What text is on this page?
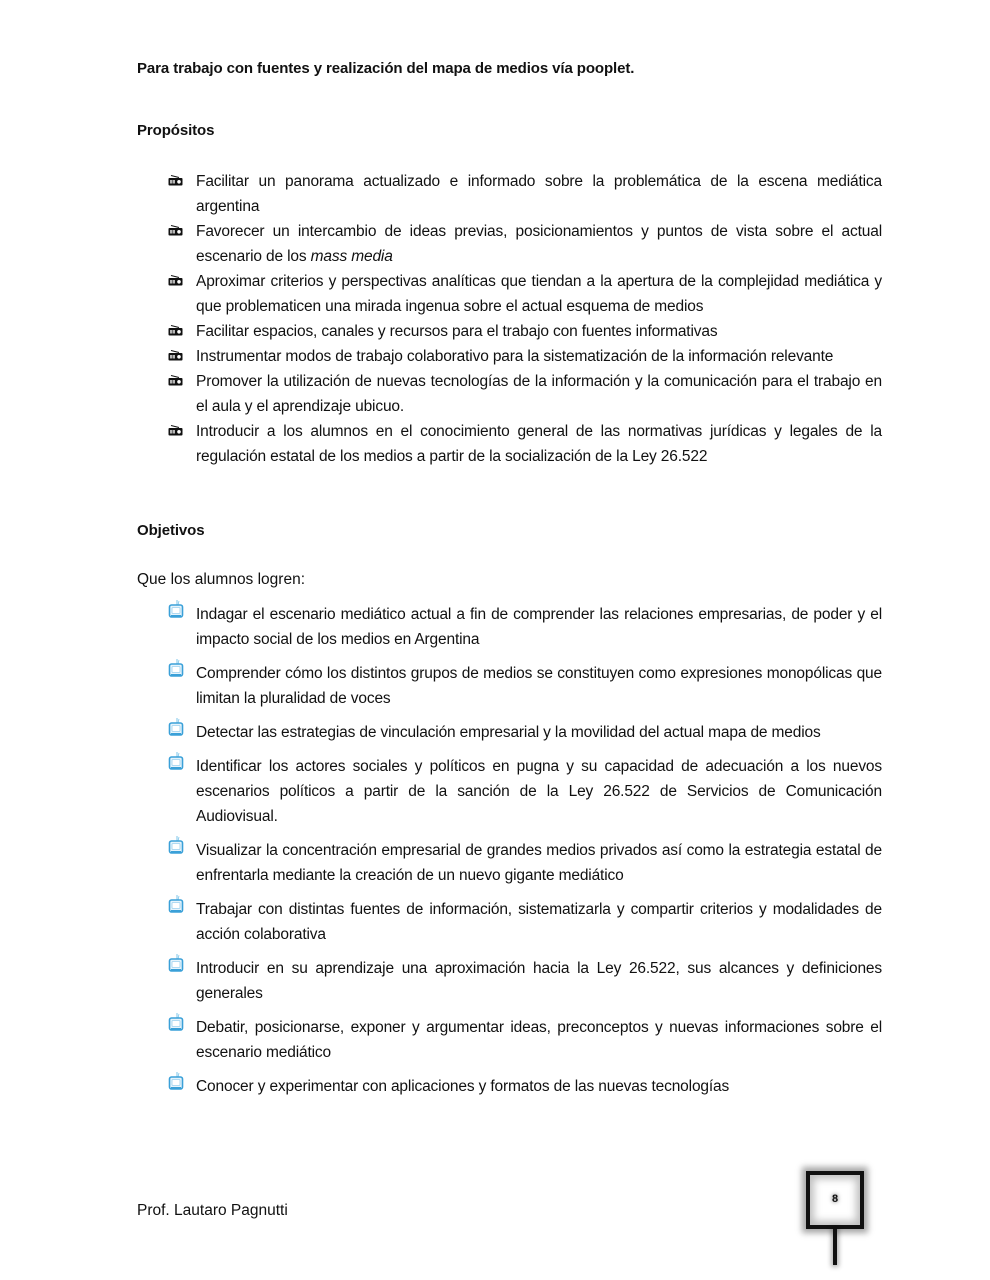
Para trabajo con fuentes y realización del mapa de medios vía pooplet.
Propósitos
Facilitar un panorama actualizado e informado sobre la problemática de la escena mediática argentina
Favorecer un intercambio de ideas previas, posicionamientos y puntos de vista sobre el actual escenario de los mass media
Aproximar criterios y perspectivas analíticas que tiendan a la apertura de la complejidad mediática y que problematicen una mirada ingenua sobre el actual esquema de medios
Facilitar espacios, canales y recursos para el trabajo con fuentes informativas
Instrumentar modos de trabajo colaborativo para la sistematización de la información relevante
Promover la utilización de nuevas tecnologías de la información y la comunicación para el trabajo en el aula y el aprendizaje ubicuo.
Introducir a los alumnos en el conocimiento general de las normativas jurídicas y legales de la regulación estatal de los medios a partir de la socialización de la Ley 26.522
Objetivos
Que los alumnos logren:
Indagar el escenario mediático actual a fin de comprender las relaciones empresarias, de poder y el impacto social de los medios en Argentina
Comprender cómo los distintos grupos de medios se constituyen como expresiones monopólicas que limitan la pluralidad de voces
Detectar las estrategias de vinculación empresarial y la movilidad del actual mapa de medios
Identificar los actores sociales y políticos en pugna y su capacidad de adecuación a los nuevos escenarios políticos a partir de la sanción de la Ley 26.522 de Servicios de Comunicación Audiovisual.
Visualizar la concentración empresarial de grandes medios privados así como la estrategia estatal de enfrentarla mediante la creación de un nuevo gigante mediático
Trabajar con distintas fuentes de información, sistematizarla y compartir criterios y modalidades de acción colaborativa
Introducir en su aprendizaje una aproximación hacia la Ley 26.522, sus alcances y definiciones generales
Debatir, posicionarse, exponer y argumentar ideas, preconceptos y nuevas informaciones sobre el escenario mediático
Conocer y experimentar con aplicaciones y formatos de las nuevas tecnologías
Prof. Lautaro Pagnutti
8
